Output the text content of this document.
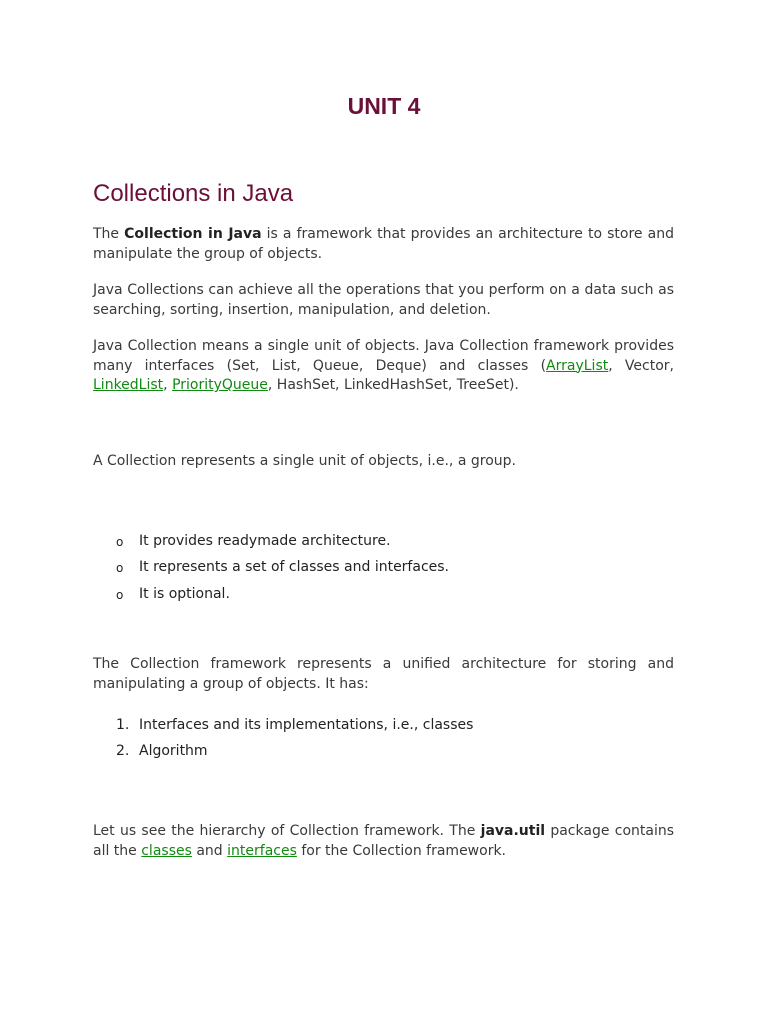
UNIT 4
Collections in Java
The Collection in Java is a framework that provides an architecture to store and manipulate the group of objects.
Java Collections can achieve all the operations that you perform on a data such as searching, sorting, insertion, manipulation, and deletion.
Java Collection means a single unit of objects. Java Collection framework provides many interfaces (Set, List, Queue, Deque) and classes (ArrayList, Vector, LinkedList, PriorityQueue, HashSet, LinkedHashSet, TreeSet).
A Collection represents a single unit of objects, i.e., a group.
o	It provides readymade architecture.
o	It represents a set of classes and interfaces.
o	It is optional.
The Collection framework represents a unified architecture for storing and manipulating a group of objects. It has:
1. Interfaces and its implementations, i.e., classes
2. Algorithm
Let us see the hierarchy of Collection framework. The java.util package contains all the classes and interfaces for the Collection framework.
